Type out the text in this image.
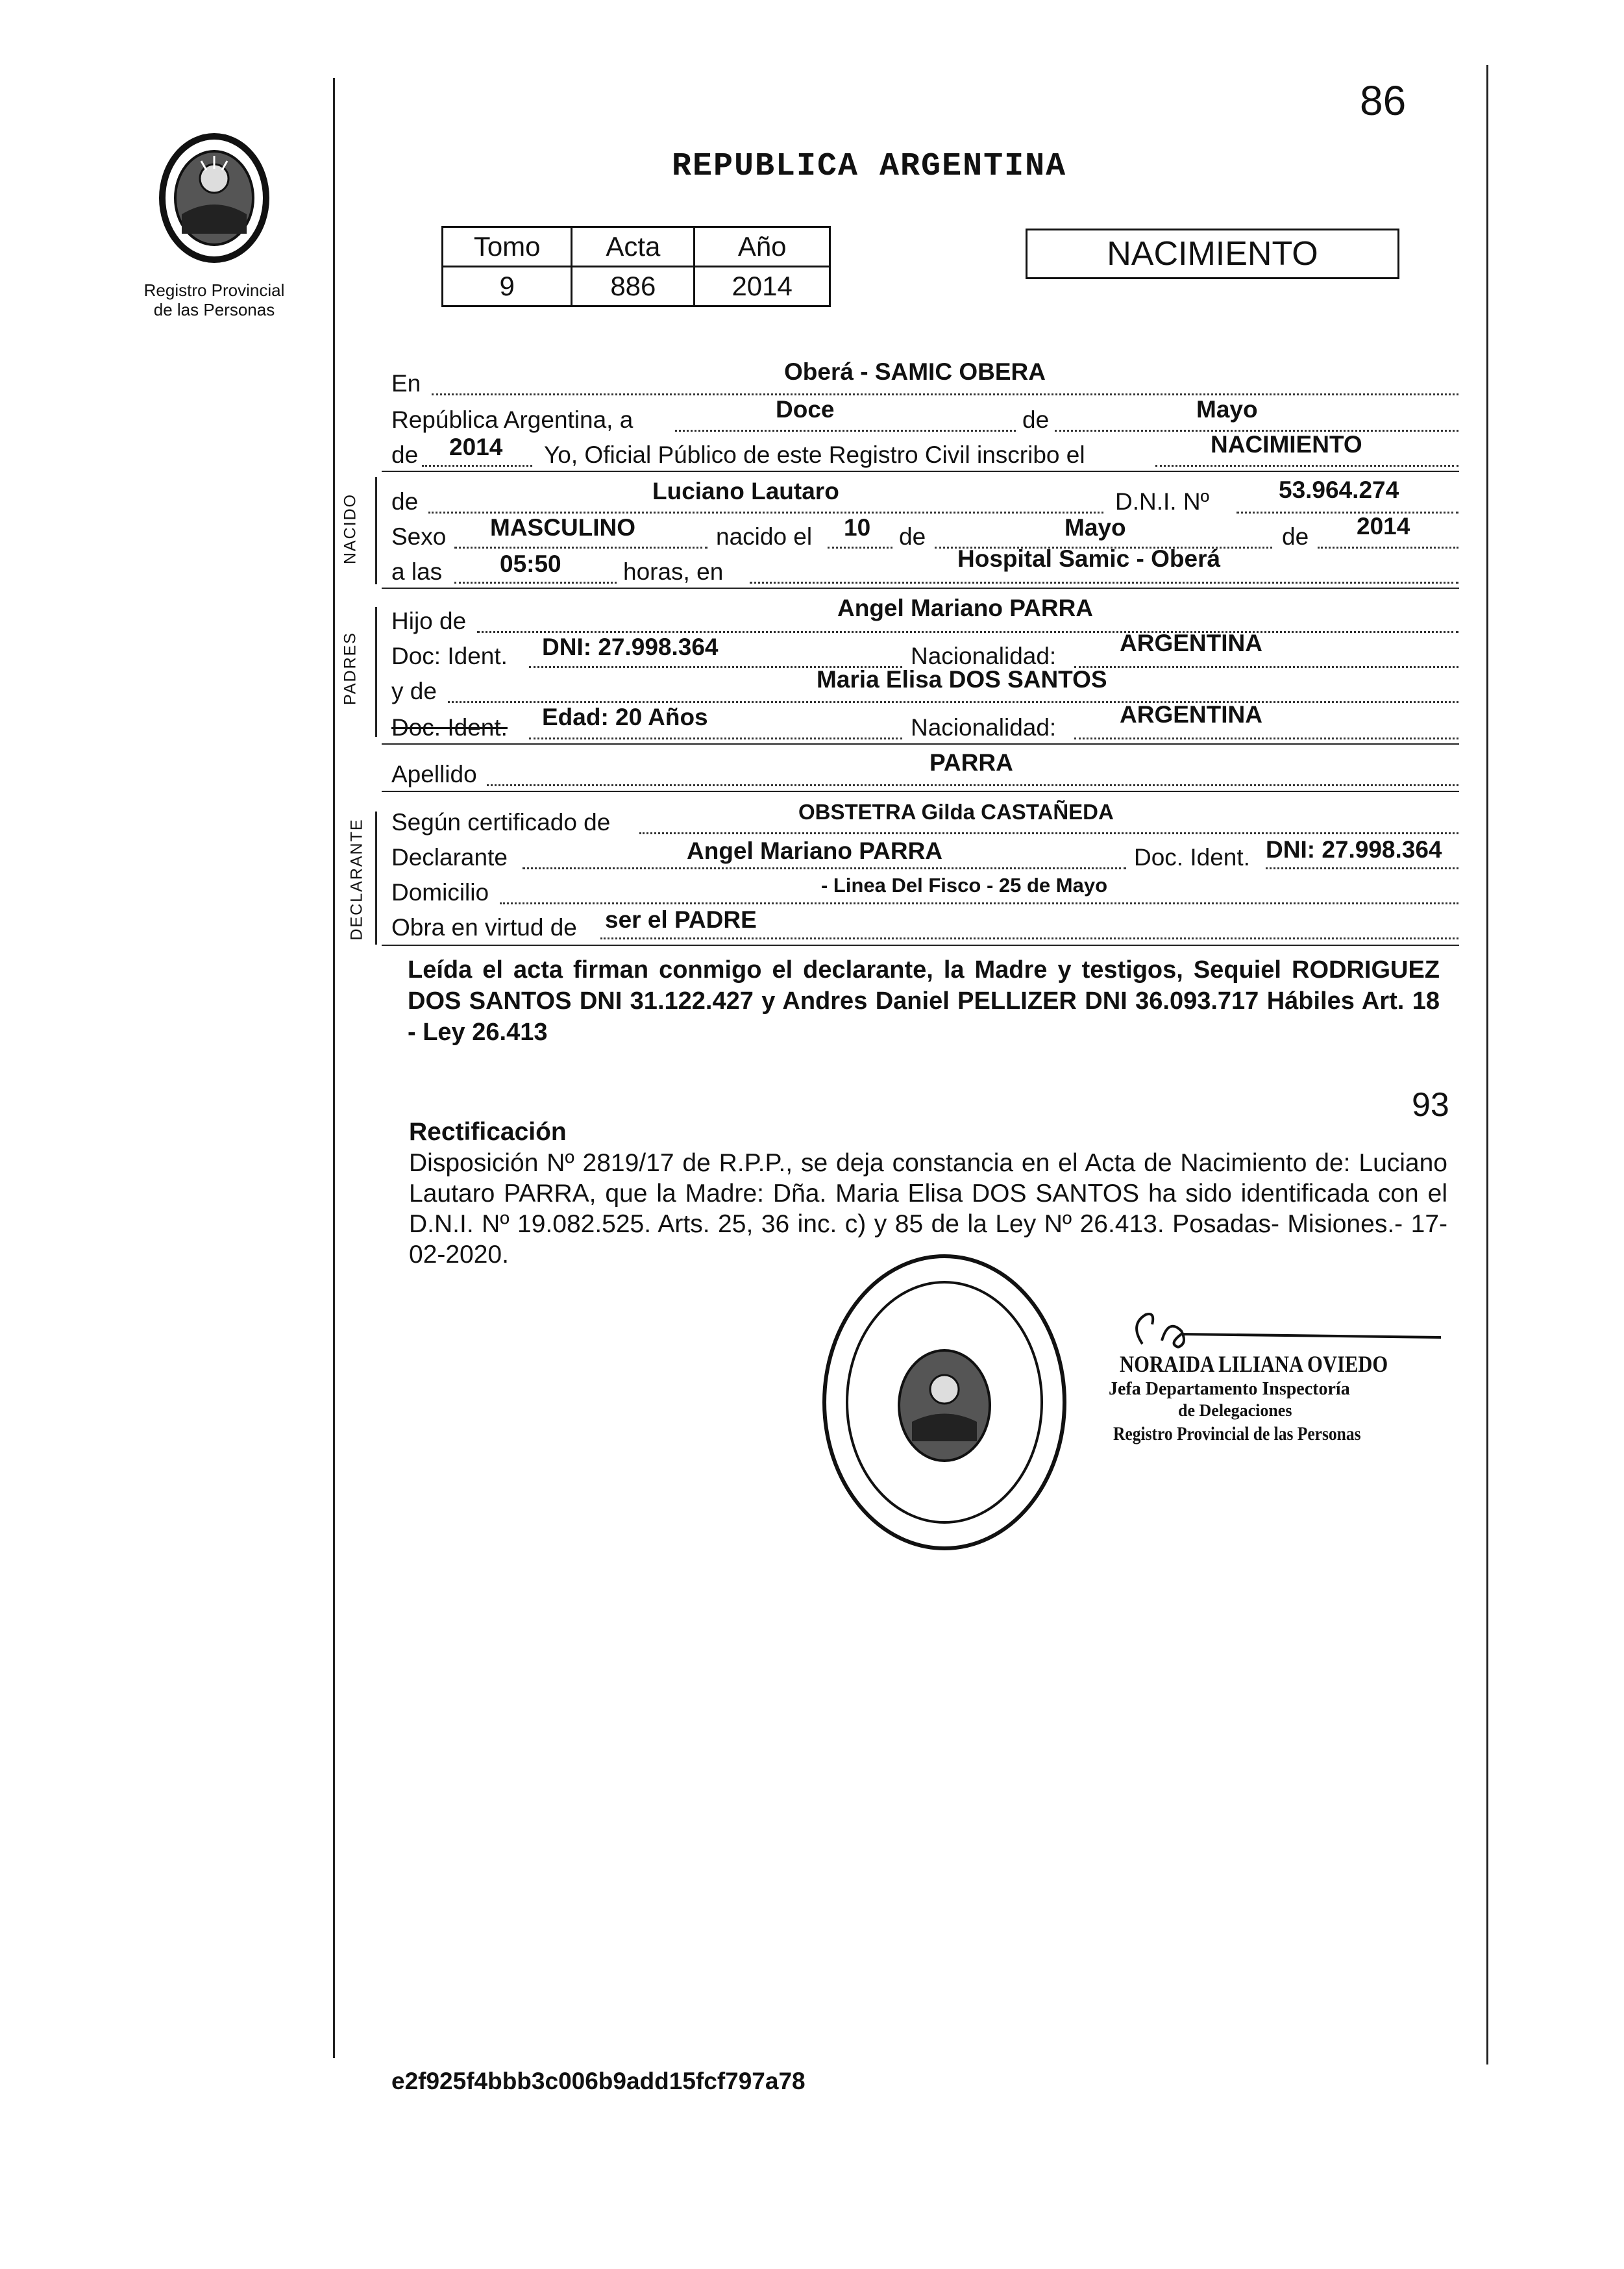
86
Registro Provincial
de las Personas
REPUBLICA ARGENTINA
Tomo	Acta	Año
9	886	2014
NACIMIENTO
NACIDO
PADRES
DECLARANTE
En	Oberá - SAMIC OBERA
República Argentina, a	Doce	de	Mayo
de 2014 Yo, Oficial Público de este Registro Civil inscribo el	NACIMIENTO
de	Luciano Lautaro	D.N.I. Nº	53.964.274
Sexo MASCULINO	nacido el 10 de	Mayo	de 2014
a las 05:50	horas, en	Hospital Samic - Oberá
Hijo de	Angel Mariano PARRA
Doc: Ident. DNI: 27.998.364	Nacionalidad:	ARGENTINA
y de	Maria Elisa DOS SANTOS
Doc. Ident. Edad: 20 Años	Nacionalidad:	ARGENTINA
Apellido	PARRA
Según certificado de	OBSTETRA Gilda CASTAÑEDA
Declarante	Angel Mariano PARRA	Doc. Ident. DNI: 27.998.364
Domicilio	- Linea Del Fisco - 25 de Mayo
Obra en virtud de ser el PADRE
Leída el acta firman conmigo el declarante, la Madre y testigos, Sequiel RODRIGUEZ DOS SANTOS DNI 31.122.427 y Andres Daniel PELLIZER DNI 36.093.717 Hábiles Art. 18 - Ley 26.413
93
Rectificación
Disposición Nº 2819/17 de R.P.P., se deja constancia en el Acta de Nacimiento de: Luciano Lautaro PARRA, que la Madre: Dña. Maria Elisa DOS SANTOS ha sido identificada con el D.N.I. Nº 19.082.525. Arts. 25, 36 inc. c) y 85 de la Ley Nº 26.413. Posadas- Misiones.- 17-02-2020.
NORAIDA LILIANA OVIEDO
Jefa Departamento Inspectoría
de Delegaciones
Registro Provincial de las Personas
e2f925f4bbb3c006b9add15fcf797a78
